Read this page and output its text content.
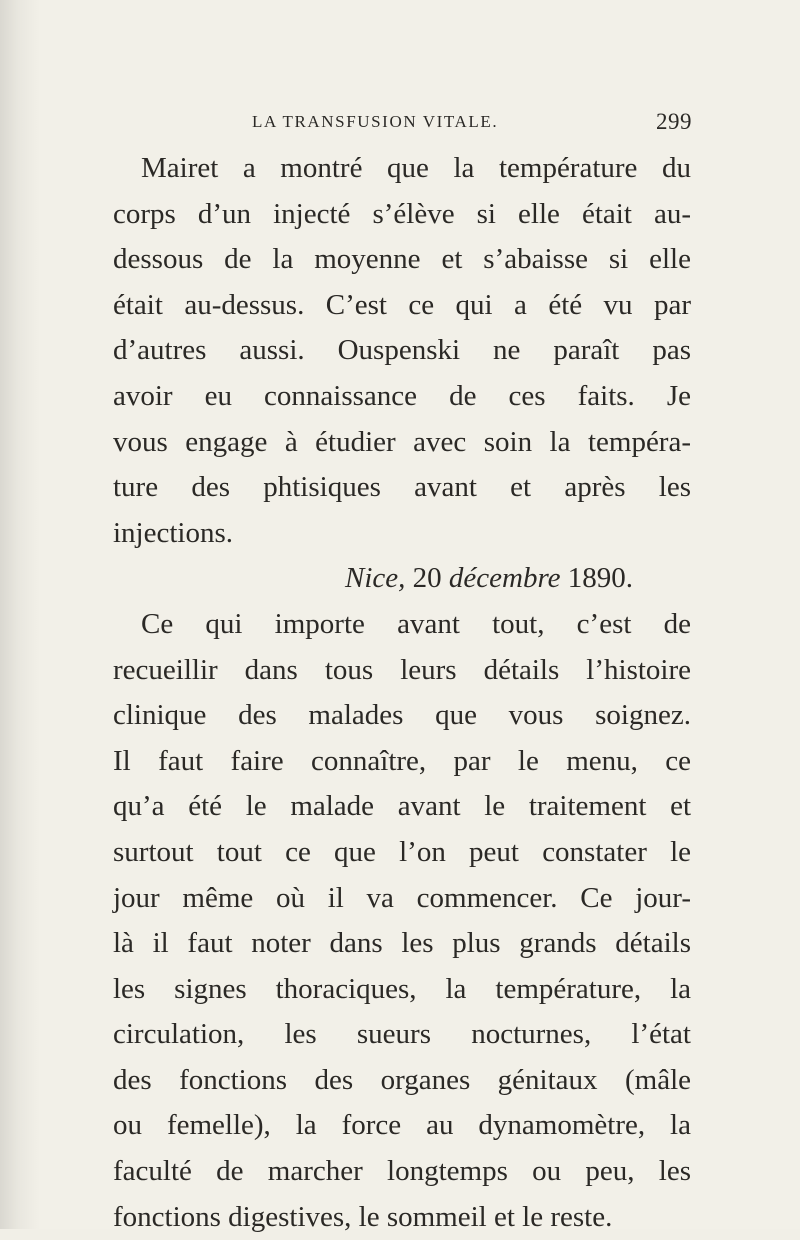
LA TRANSFUSION VITALE.	299
Mairet a montré que la température du
corps d’un injecté s’élève si elle était au-
dessous de la moyenne et s’abaisse si elle
était au-dessus. C’est ce qui a été vu par
d’autres aussi. Ouspenski ne paraît pas
avoir eu connaissance de ces faits. Je
vous engage à étudier avec soin la tempéra-
ture des phtisiques avant et après les
injections.
Nice, 20 décembre 1890.
Ce qui importe avant tout, c’est de
recueillir dans tous leurs détails l’histoire
clinique des malades que vous soignez.
Il faut faire connaître, par le menu, ce
qu’a été le malade avant le traitement et
surtout tout ce que l’on peut constater le
jour même où il va commencer. Ce jour-
là il faut noter dans les plus grands détails
les signes thoraciques, la température, la
circulation, les sueurs nocturnes, l’état
des fonctions des organes génitaux (mâle
ou femelle), la force au dynamomètre, la
faculté de marcher longtemps ou peu, les
fonctions digestives, le sommeil et le reste.
